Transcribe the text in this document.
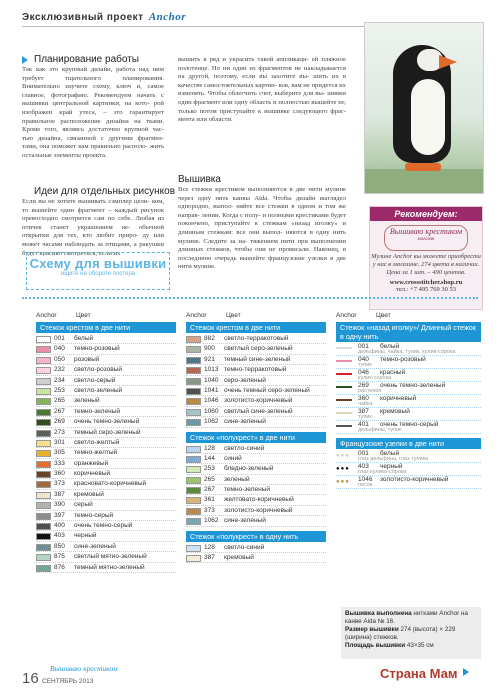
Эксклюзивный проект Anchor
Планирование работы
Так как это крупный дизайн, работа над ним требует тщательного планирования. Внимательно изучите схему, ключ и, самое главное, фотографию. Рекомендуем начать с вышивки центральной картинки, на кото- рой изображен край утеса, – это гарантирует правильное расположение дизайна на ткани. Кроме того, являясь достаточно крупной час- тью дизайна, связанной с другими фрагмен- тами, она поможет вам правильно располо- жить остальные элементы проекта.
Идеи для отдельных рисунков
Если вы не хотите вышивать сэмплер цели- ком, то вышейте один фрагмент – каждый рисунок превосходно смотрится сам по себе. Любая из птичек станет украшением не- обычной открытки для тех, кто любит приро- ду или может часами наблюдать за птицами, а ракушки будут красиво смотреться, если их
вышить в ряд и украсить такой аппликаци- ей пляжное полотенце. Но ни один из фрагментов не накладывается на другой, поэтому, если вы захотите вы- шить их в качестве самостоятельных картин- ков, вам не придется их изменять. Чтобы облегчить счет, выберите для вы- шивки один фрагмент или одну область и полностью вышейте ее; только потом приступайте к вышивке следующего фраг- мента или области.
Вышивка
Все стежки крестиком выполняются в две нити мулине через одну нить канвы Aida. Чтобы дизайн выглядел однородно, выпол- няйте все стежки в одном и том же направ- лении. Когда с полу- и полными крестиками будет покончено, приступайте к стежкам «назад иголку» и длинным стежкам: все они выпол- няются в одну нить мулине. Следите за на- тяжением нити при выполнении длинных стежков, чтобы они не провисали. Наконец, в последнюю очередь вышейте французские узелки в две нити мулине.
Рекомендуем:
Вышиваю крестиком
магазин
Мулине Anchor вы можете приобрести у нас в магазине. 274 цвета в наличии. Цена за 1 шт. – 490 центов.
www.crossstitcher.shop.ru
тел.: +7 495 769 30 53
Схему для вышивки
ищите на обороте постера
Anchor	Цвет
Стежок крестом в две нити
001 белый
040 темно-розовый
050 розовый
232 светло-розовый
234 светло-серый
253 светло-зеленый
265 зеленый
267 темно-зеленый
269 очень темно-зеленый
273 темный серо-зеленый
301 светло-желтый
305 темно-желтый
333 оранжевый
360 коричневый
373 красновато-коричневый
387 кремовый
390 серый
397 темно-серый
400 очень темно-серый
403 черный
850 сине-зеленый
875 светлый мятно-зеленый
876 темный мятно-зеленый
Anchor	Цвет
Стежок крестом в две нити
882 светло-терракотовый
900 светлый серо-зеленый
921 темный сине-зеленый
1013 темно-терракотовый
1040 серо-зеленый
1041 очень темный серо-зеленый
1046 золотисто-коричневый
1060 светлый сине-зеленый
1062 сине-зеленый
Стежок «полукрест» в две нити
128 светло-синий
144 синий
253 бледно-зеленый
265 зеленый
267 темно-зеленый
361 желтовато-коричневый
373 золотисто-коричневый
1062 сине-зеленый
Стежок «полукрест» в одну нить
128 светло-синий
387 кремовый
Anchor	Цвет
Стежок «назад иголку»/ Длинный стежок в одну нить
001 белый
дельфины, чайка, тупик, кулик-сорока
040 темно-розовый
тупик
046 красный
кулик-сорока
269 очень темно-зеленый
растения
360 коричневый
чайка
387 кремовый
тупик
401 очень темно-серый
дельфины, тупик
Французские узелки в две нити
●●● 001 белый
глаз дельфина, глаз тупика
●●● 403 черный
глаз кулика-сороки
●●● 1046 золотисто-коричневый
песок
Вышивка выполнена нитками Anchor на канве Aida № 16.
Размер вышивки 274 (высота) × 229 (ширина) стежков.
Площадь вышивки 43×35 см
16
Вышиваю крестиком
СЕНТЯБРЬ 2013
Страна Мам
